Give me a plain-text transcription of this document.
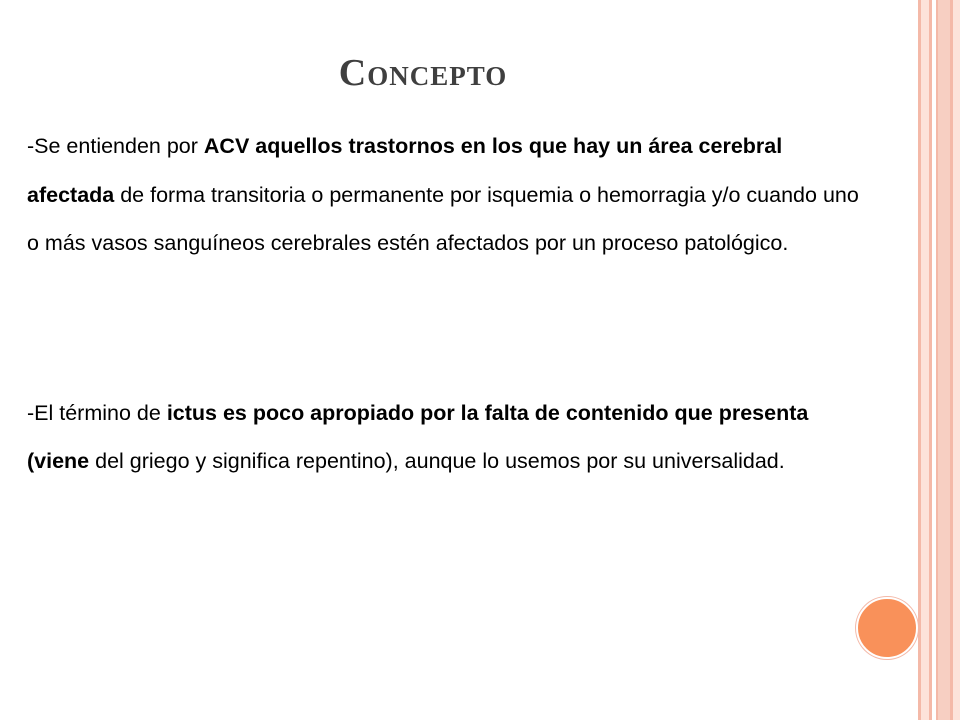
Concepto

-Se entienden por ACV aquellos trastornos en los que hay un área cerebral afectada de forma transitoria o permanente por isquemia o hemorragia y/o cuando uno o más vasos sanguíneos cerebrales estén afectados por un proceso patológico.

-El término de ictus es poco apropiado por la falta de contenido que presenta (viene del griego y significa repentino), aunque lo usemos por su universalidad.
